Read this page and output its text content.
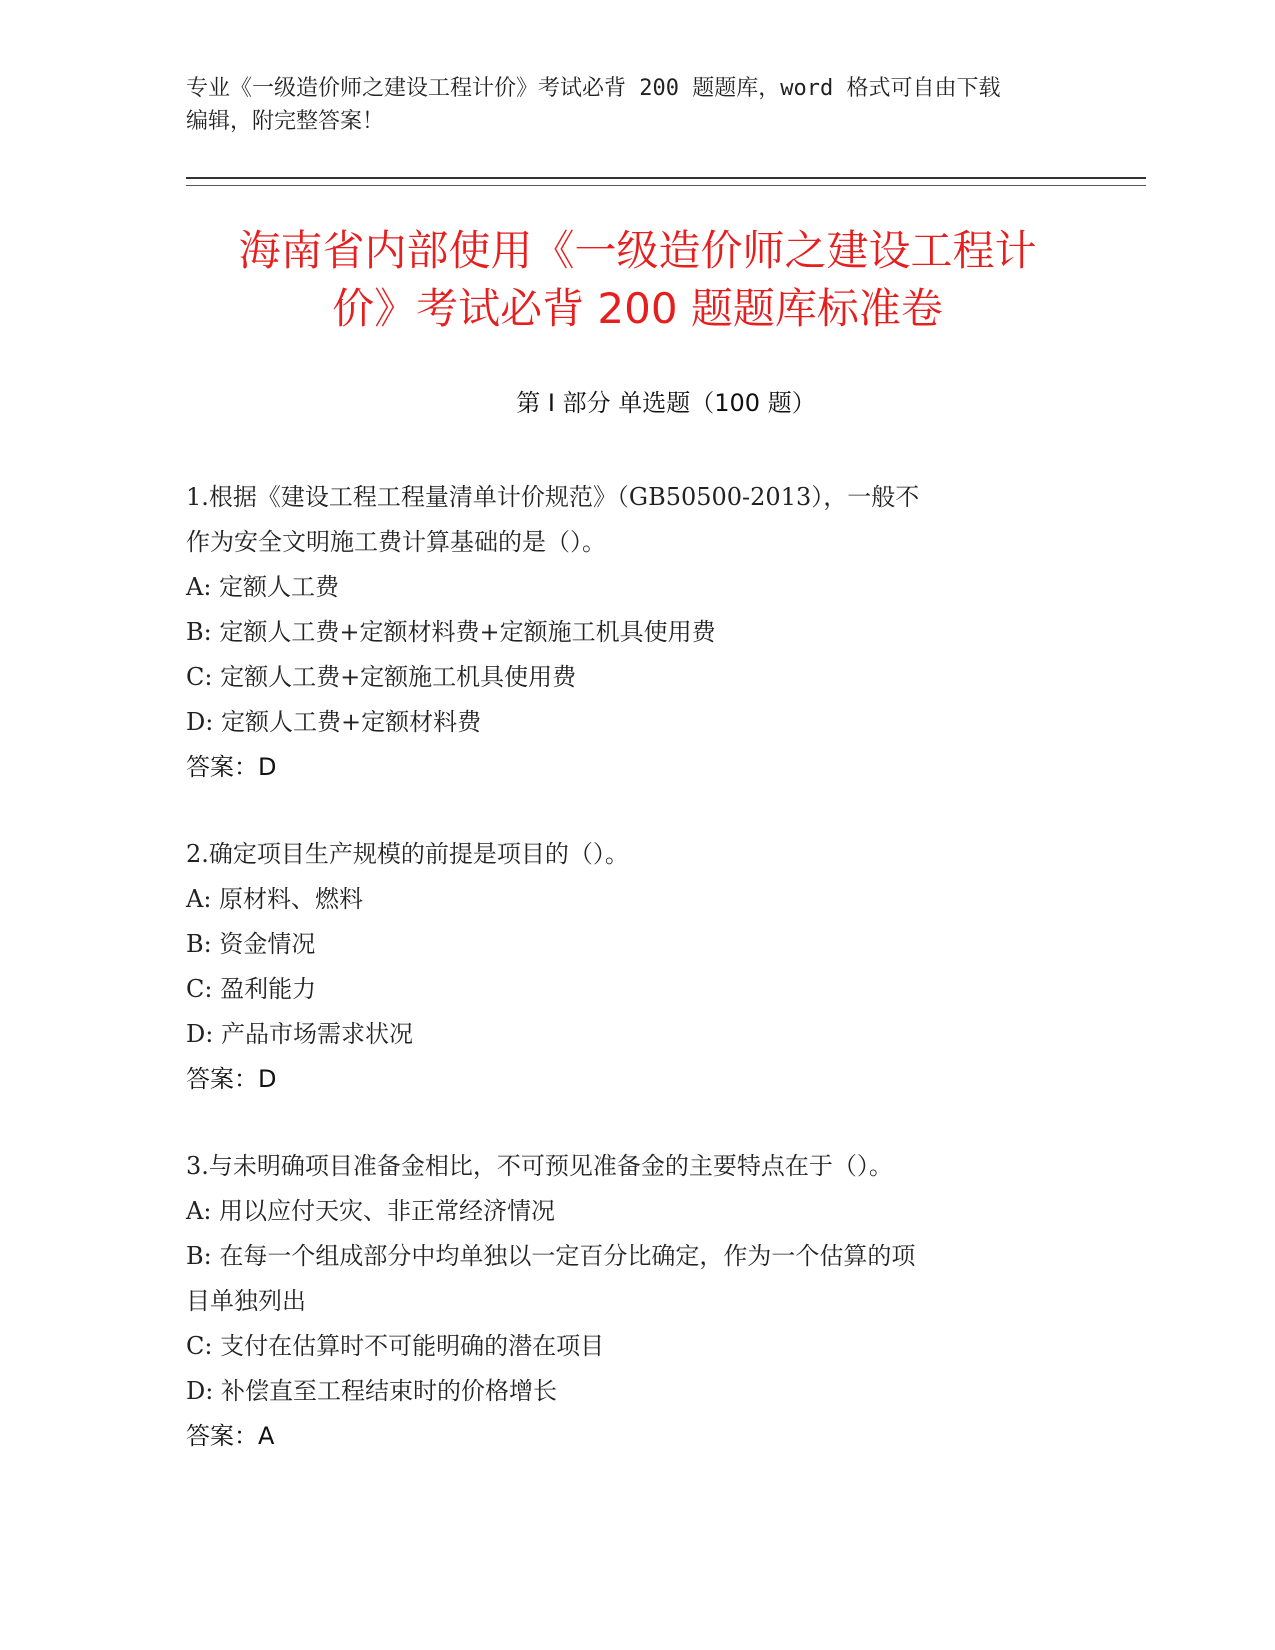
专业《一级造价师之建设工程计价》考试必背 200 题题库，word 格式可自由下载
编辑，附完整答案！
海南省内部使用《一级造价师之建设工程计
价》考试必背 200 题题库标准卷
第 I 部分 单选题（100 题）
1.根据《建设工程工程量清单计价规范》（GB50500-2013），一般不
作为安全文明施工费计算基础的是（）。
A: 定额人工费
B: 定额人工费+定额材料费+定额施工机具使用费
C: 定额人工费+定额施工机具使用费
D: 定额人工费+定额材料费
答案：D
2.确定项目生产规模的前提是项目的（）。
A: 原材料、燃料
B: 资金情况
C: 盈利能力
D: 产品市场需求状况
答案：D
3.与未明确项目准备金相比，不可预见准备金的主要特点在于（）。
A: 用以应付天灾、非正常经济情况
B: 在每一个组成部分中均单独以一定百分比确定，作为一个估算的项
目单独列出
C: 支付在估算时不可能明确的潜在项目
D: 补偿直至工程结束时的价格增长
答案：A
